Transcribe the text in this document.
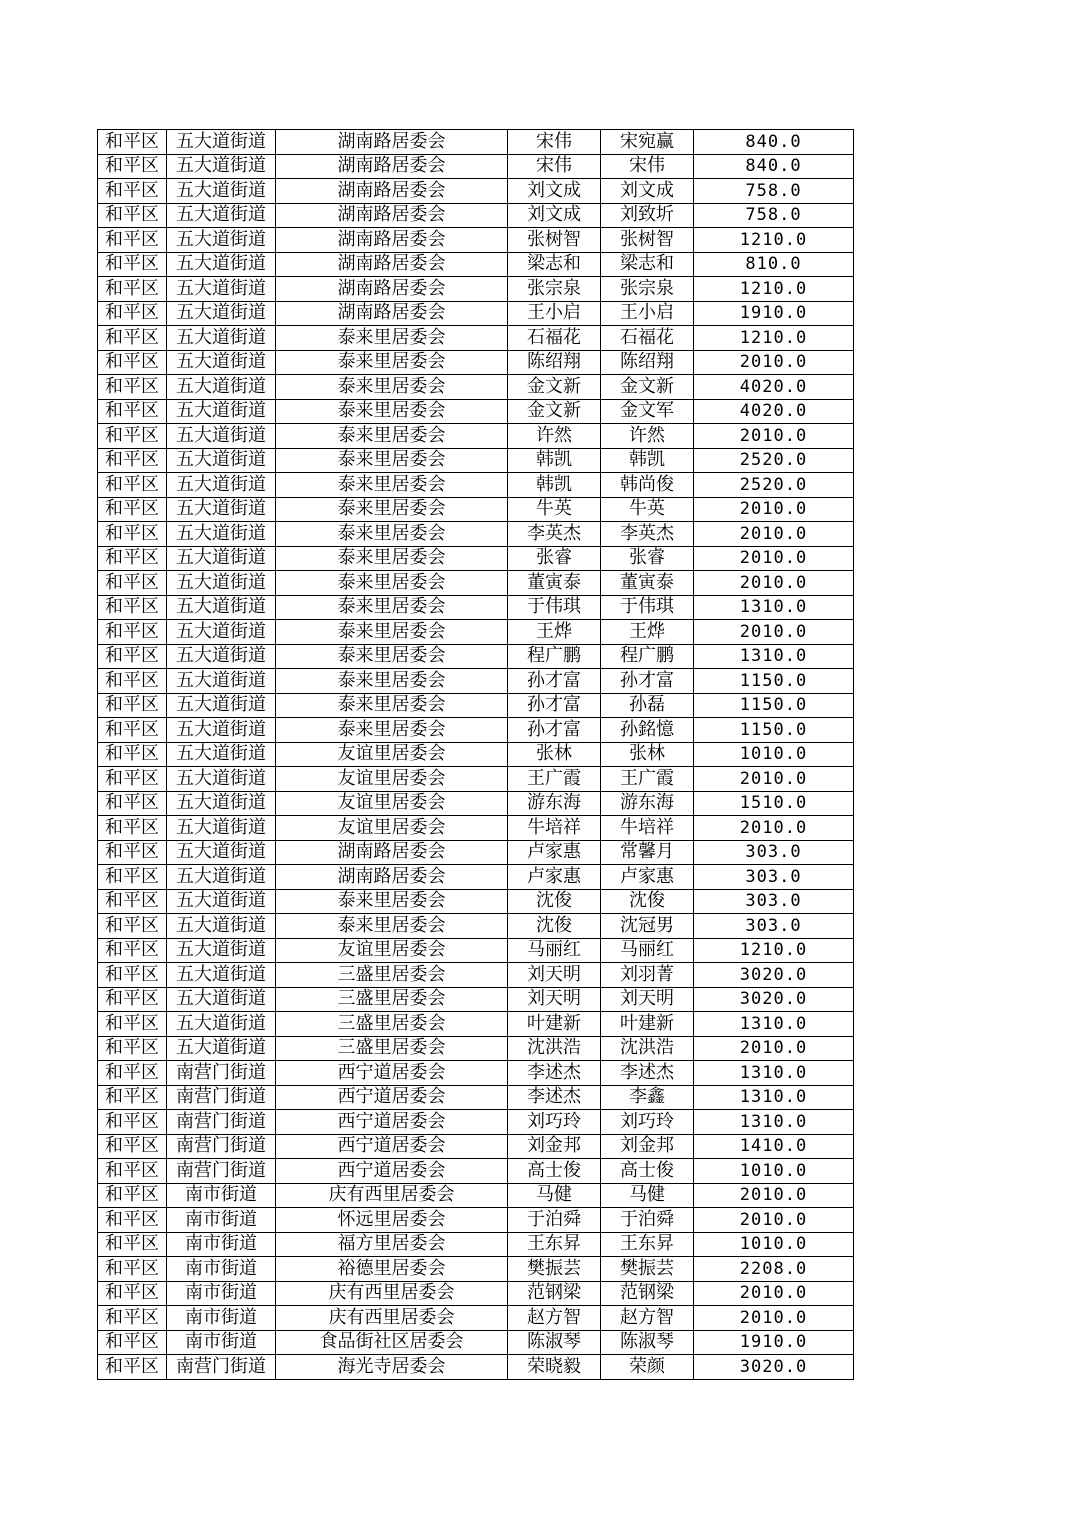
和平区	五大道街道	湖南路居委会	宋伟	宋宛赢	840.0
和平区	五大道街道	湖南路居委会	宋伟	宋伟	840.0
和平区	五大道街道	湖南路居委会	刘文成	刘文成	758.0
和平区	五大道街道	湖南路居委会	刘文成	刘致圻	758.0
和平区	五大道街道	湖南路居委会	张树智	张树智	1210.0
和平区	五大道街道	湖南路居委会	梁志和	梁志和	810.0
和平区	五大道街道	湖南路居委会	张宗泉	张宗泉	1210.0
和平区	五大道街道	湖南路居委会	王小启	王小启	1910.0
和平区	五大道街道	泰来里居委会	石福花	石福花	1210.0
和平区	五大道街道	泰来里居委会	陈绍翔	陈绍翔	2010.0
和平区	五大道街道	泰来里居委会	金文新	金文新	4020.0
和平区	五大道街道	泰来里居委会	金文新	金文军	4020.0
和平区	五大道街道	泰来里居委会	许然	许然	2010.0
和平区	五大道街道	泰来里居委会	韩凯	韩凯	2520.0
和平区	五大道街道	泰来里居委会	韩凯	韩尚俊	2520.0
和平区	五大道街道	泰来里居委会	牛英	牛英	2010.0
和平区	五大道街道	泰来里居委会	李英杰	李英杰	2010.0
和平区	五大道街道	泰来里居委会	张睿	张睿	2010.0
和平区	五大道街道	泰来里居委会	董寅泰	董寅泰	2010.0
和平区	五大道街道	泰来里居委会	于伟琪	于伟琪	1310.0
和平区	五大道街道	泰来里居委会	王烨	王烨	2010.0
和平区	五大道街道	泰来里居委会	程广鹏	程广鹏	1310.0
和平区	五大道街道	泰来里居委会	孙才富	孙才富	1150.0
和平区	五大道街道	泰来里居委会	孙才富	孙磊	1150.0
和平区	五大道街道	泰来里居委会	孙才富	孙銘憶	1150.0
和平区	五大道街道	友谊里居委会	张林	张林	1010.0
和平区	五大道街道	友谊里居委会	王广霞	王广霞	2010.0
和平区	五大道街道	友谊里居委会	游东海	游东海	1510.0
和平区	五大道街道	友谊里居委会	牛培祥	牛培祥	2010.0
和平区	五大道街道	湖南路居委会	卢家惠	常馨月	303.0
和平区	五大道街道	湖南路居委会	卢家惠	卢家惠	303.0
和平区	五大道街道	泰来里居委会	沈俊	沈俊	303.0
和平区	五大道街道	泰来里居委会	沈俊	沈冠男	303.0
和平区	五大道街道	友谊里居委会	马丽红	马丽红	1210.0
和平区	五大道街道	三盛里居委会	刘天明	刘羽菁	3020.0
和平区	五大道街道	三盛里居委会	刘天明	刘天明	3020.0
和平区	五大道街道	三盛里居委会	叶建新	叶建新	1310.0
和平区	五大道街道	三盛里居委会	沈洪浩	沈洪浩	2010.0
和平区	南营门街道	西宁道居委会	李述杰	李述杰	1310.0
和平区	南营门街道	西宁道居委会	李述杰	李鑫	1310.0
和平区	南营门街道	西宁道居委会	刘巧玲	刘巧玲	1310.0
和平区	南营门街道	西宁道居委会	刘金邦	刘金邦	1410.0
和平区	南营门街道	西宁道居委会	高士俊	高士俊	1010.0
和平区	南市街道	庆有西里居委会	马健	马健	2010.0
和平区	南市街道	怀远里居委会	于泊舜	于泊舜	2010.0
和平区	南市街道	福方里居委会	王东昇	王东昇	1010.0
和平区	南市街道	裕德里居委会	樊振芸	樊振芸	2208.0
和平区	南市街道	庆有西里居委会	范钢梁	范钢梁	2010.0
和平区	南市街道	庆有西里居委会	赵方智	赵方智	2010.0
和平区	南市街道	食品街社区居委会	陈淑琴	陈淑琴	1910.0
和平区	南营门街道	海光寺居委会	荣晓毅	荣颜	3020.0
